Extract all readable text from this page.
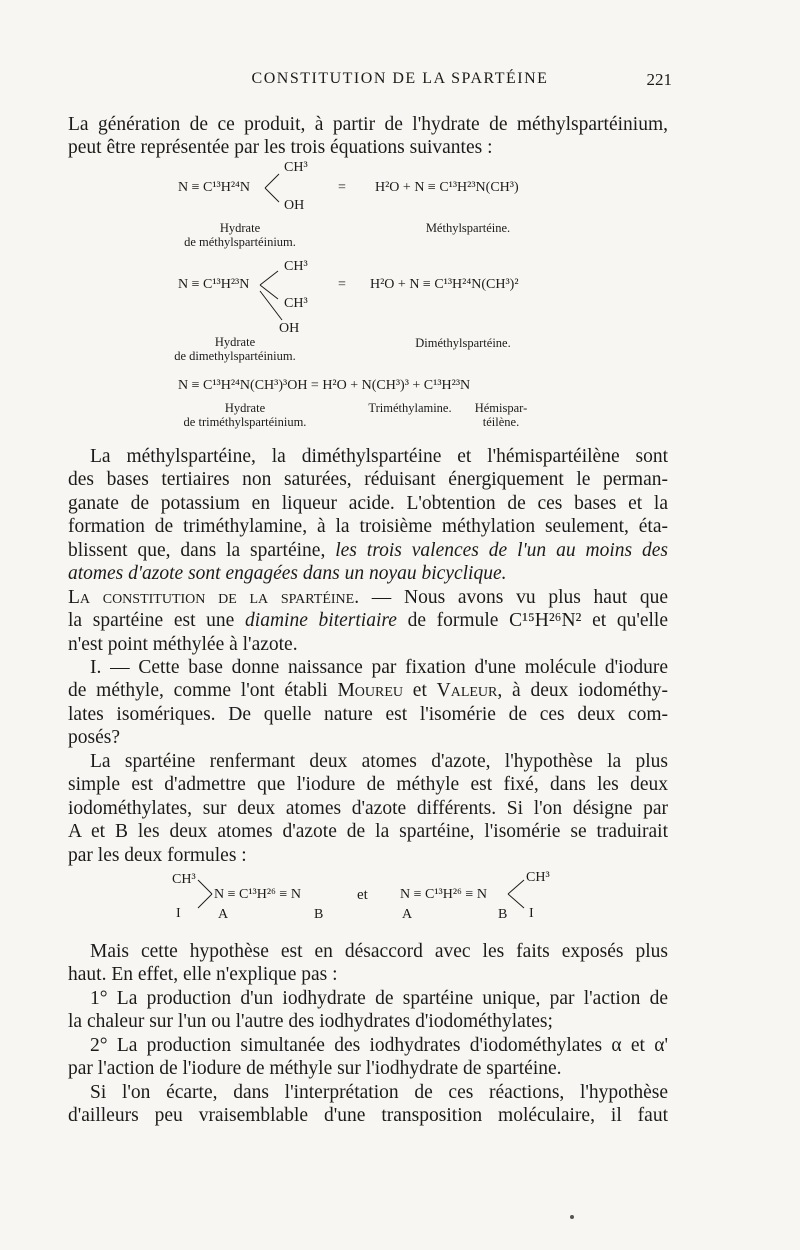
CONSTITUTION DE LA SPARTÉINE	221
La génération de ce produit, à partir de l'hydrate de méthylspartéinium,
peut être représentée par les trois équations suivantes :
N ≡ C¹³H²⁴N
CH³
OH
= H²O + N ≡ C¹³H²³N(CH³)
Hydrate
de méthylspartéinium.
Méthylspartéine.
N ≡ C¹³H²³N
CH³
CH³
OH
= H²O + N ≡ C¹³H²⁴N(CH³)²
Hydrate
de dimethylspartéinium.
Diméthylspartéine.
N ≡ C¹³H²⁴N(CH³)³OH = H²O + N(CH³)³ + C¹³H²³N
Hydrate
de triméthylspartéinium.
Triméthylamine.	Hémispar-
téilène.
La méthylspartéine, la diméthylspartéine et l'hémispartéilène sont
des bases tertiaires non saturées, réduisant énergiquement le perman-
ganate de potassium en liqueur acide. L'obtention de ces bases et la
formation de triméthylamine, à la troisième méthylation seulement, éta-
blissent que, dans la spartéine, les trois valences de l'un au moins des
atomes d'azote sont engagées dans un noyau bicyclique.
La constitution de la spartéine. — Nous avons vu plus haut que
la spartéine est une diamine bitertiaire de formule C¹⁵H²⁶N² et qu'elle
n'est point méthylée à l'azote.
I. — Cette base donne naissance par fixation d'une molécule d'iodure
de méthyle, comme l'ont établi Moureu et Valeur, à deux iodométhy-
lates isomériques. De quelle nature est l'isomérie de ces deux com-
posés?
La spartéine renfermant deux atomes d'azote, l'hypothèse la plus
simple est d'admettre que l'iodure de méthyle est fixé, dans les deux
iodométhylates, sur deux atomes d'azote différents. Si l'on désigne par
A et B les deux atomes d'azote de la spartéine, l'isomérie se traduirait
par les deux formules :
CH³
I
N ≡ C¹³H²⁶ ≡ N
A	B
et N ≡ C¹³H²⁶ ≡ N
CH³
I
A	B
Mais cette hypothèse est en désaccord avec les faits exposés plus
haut. En effet, elle n'explique pas :
1° La production d'un iodhydrate de spartéine unique, par l'action de
la chaleur sur l'un ou l'autre des iodhydrates d'iodométhylates;
2° La production simultanée des iodhydrates d'iodométhylates α et α'
par l'action de l'iodure de méthyle sur l'iodhydrate de spartéine.
Si l'on écarte, dans l'interprétation de ces réactions, l'hypothèse
d'ailleurs peu vraisemblable d'une transposition moléculaire, il faut
